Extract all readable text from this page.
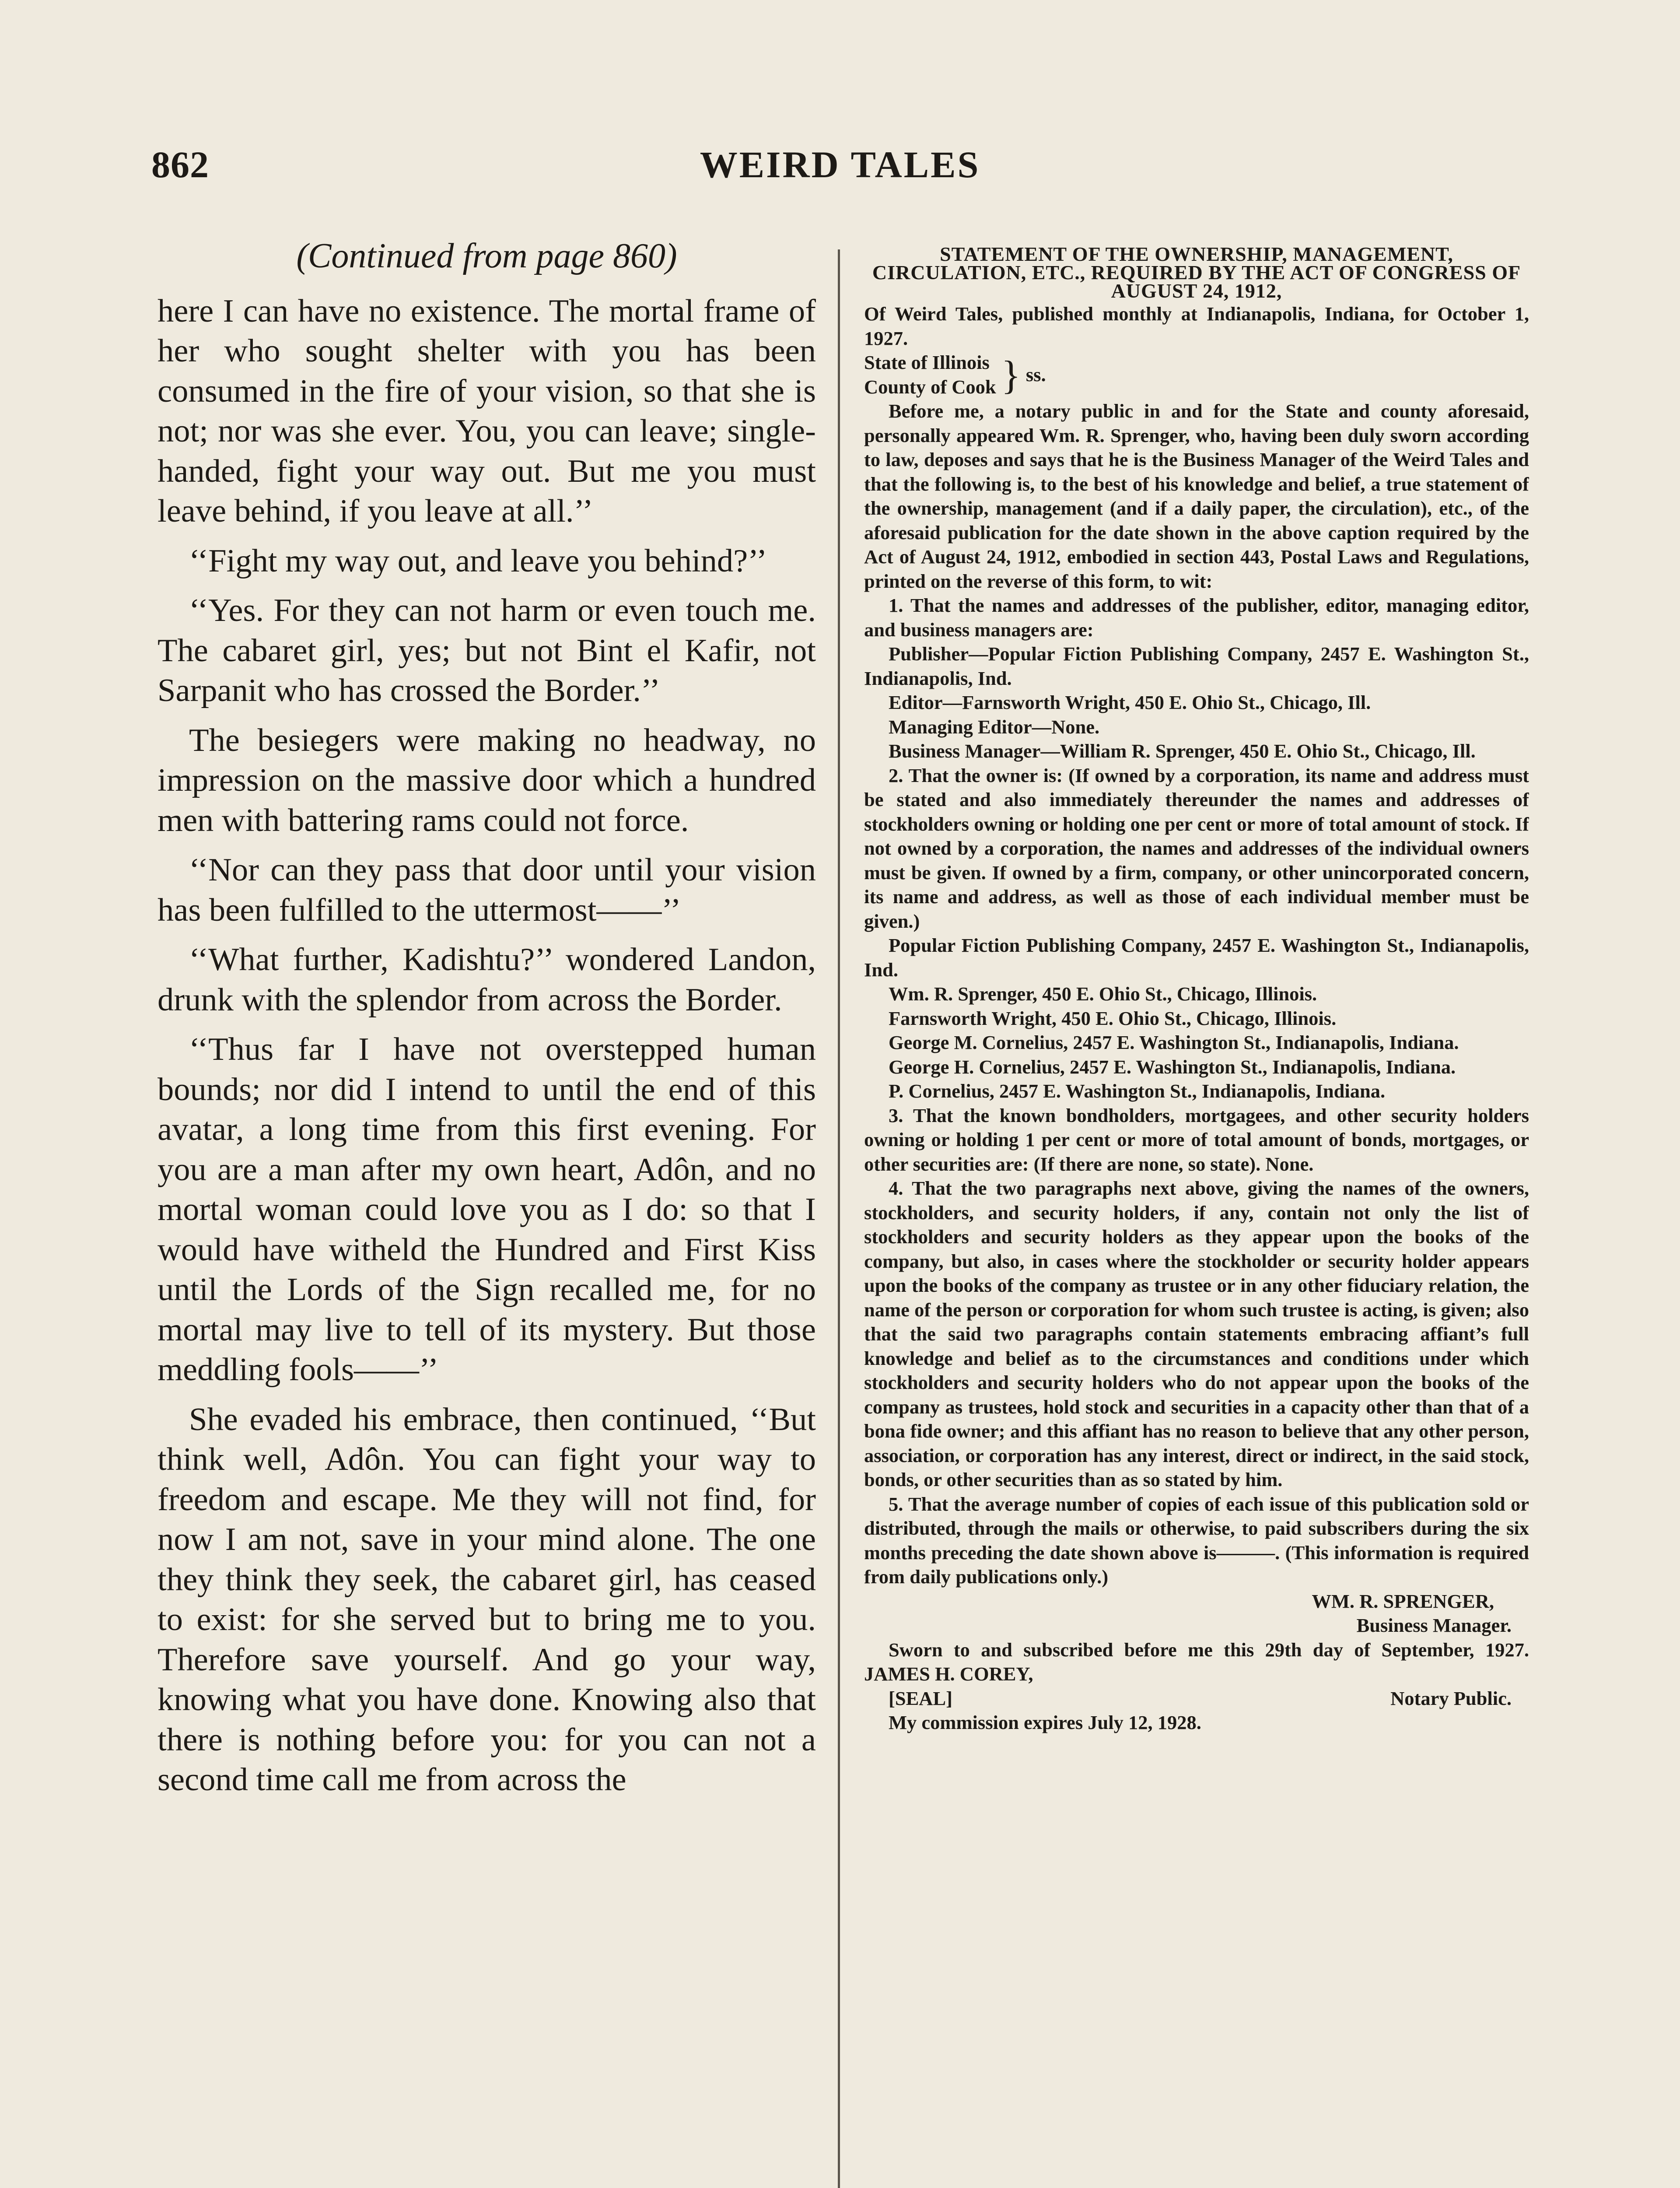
862	WEIRD TALES
(Continued from page 860)

here I can have no existence. The mortal frame of her who sought shelter with you has been consumed in the fire of your vision, so that she is not; nor was she ever. You, you can leave; single-handed, fight your way out. But me you must leave behind, if you leave at all.’’

‘‘Fight my way out, and leave you behind?’’

‘‘Yes. For they can not harm or even touch me. The cabaret girl, yes; but not Bint el Kafir, not Sarpanit who has crossed the Border.’’

The besiegers were making no headway, no impression on the massive door which a hundred men with battering rams could not force.

‘‘Nor can they pass that door until your vision has been fulfilled to the uttermost——’’

‘‘What further, Kadishtu?’’ wondered Landon, drunk with the splendor from across the Border.

‘‘Thus far I have not overstepped human bounds; nor did I intend to until the end of this avatar, a long time from this first evening. For you are a man after my own heart, Adôn, and no mortal woman could love you as I do: so that I would have witheld the Hundred and First Kiss until the Lords of the Sign recalled me, for no mortal may live to tell of its mystery. But those meddling fools——’’

She evaded his embrace, then continued, ‘‘But think well, Adôn. You can fight your way to freedom and escape. Me they will not find, for now I am not, save in your mind alone. The one they think they seek, the cabaret girl, has ceased to exist: for she served but to bring me to you. Therefore save yourself. And go your way, knowing what you have done. Knowing also that there is nothing before you: for you can not a second time call me from across the

STATEMENT OF THE OWNERSHIP, MANAGEMENT, CIRCULATION, ETC., REQUIRED BY THE ACT OF CONGRESS OF AUGUST 24, 1912,

Of Weird Tales, published monthly at Indianapolis, Indiana, for October 1, 1927.

State of Illinois
County of Cook } ss.

Before me, a notary public in and for the State and county aforesaid, personally appeared Wm. R. Sprenger, who, having been duly sworn according to law, deposes and says that he is the Business Manager of the Weird Tales and that the following is, to the best of his knowledge and belief, a true statement of the ownership, management (and if a daily paper, the circulation), etc., of the aforesaid publication for the date shown in the above caption required by the Act of August 24, 1912, embodied in section 443, Postal Laws and Regulations, printed on the reverse of this form, to wit:

1. That the names and addresses of the publisher, editor, managing editor, and business managers are:

Publisher—Popular Fiction Publishing Company, 2457 E. Washington St., Indianapolis, Ind.

Editor—Farnsworth Wright, 450 E. Ohio St., Chicago, Ill.

Managing Editor—None.

Business Manager—William R. Sprenger, 450 E. Ohio St., Chicago, Ill.

2. That the owner is: (If owned by a corporation, its name and address must be stated and also immediately thereunder the names and addresses of stockholders owning or holding one per cent or more of total amount of stock. If not owned by a corporation, the names and addresses of the individual owners must be given. If owned by a firm, company, or other unincorporated concern, its name and address, as well as those of each individual member must be given.)

Popular Fiction Publishing Company, 2457 E. Washington St., Indianapolis, Ind.

Wm. R. Sprenger, 450 E. Ohio St., Chicago, Illinois.

Farnsworth Wright, 450 E. Ohio St., Chicago, Illinois.

George M. Cornelius, 2457 E. Washington St., Indianapolis, Indiana.

George H. Cornelius, 2457 E. Washington St., Indianapolis, Indiana.

P. Cornelius, 2457 E. Washington St., Indianapolis, Indiana.

3. That the known bondholders, mortgagees, and other security holders owning or holding 1 per cent or more of total amount of bonds, mortgages, or other securities are: (If there are none, so state). None.

4. That the two paragraphs next above, giving the names of the owners, stockholders, and security holders, if any, contain not only the list of stockholders and security holders as they appear upon the books of the company, but also, in cases where the stockholder or security holder appears upon the books of the company as trustee or in any other fiduciary relation, the name of the person or corporation for whom such trustee is acting, is given; also that the said two paragraphs contain statements embracing affiant’s full knowledge and belief as to the circumstances and conditions under which stockholders and security holders who do not appear upon the books of the company as trustees, hold stock and securities in a capacity other than that of a bona fide owner; and this affiant has no reason to believe that any other person, association, or corporation has any interest, direct or indirect, in the said stock, bonds, or other securities than as so stated by him.

5. That the average number of copies of each issue of this publication sold or distributed, through the mails or otherwise, to paid subscribers during the six months preceding the date shown above is———. (This information is required from daily publications only.)

WM. R. SPRENGER,

Business Manager.

Sworn to and subscribed before me this 29th day of September, 1927. JAMES H. COREY,

[SEAL]	Notary Public.

My commission expires July 12, 1928.
